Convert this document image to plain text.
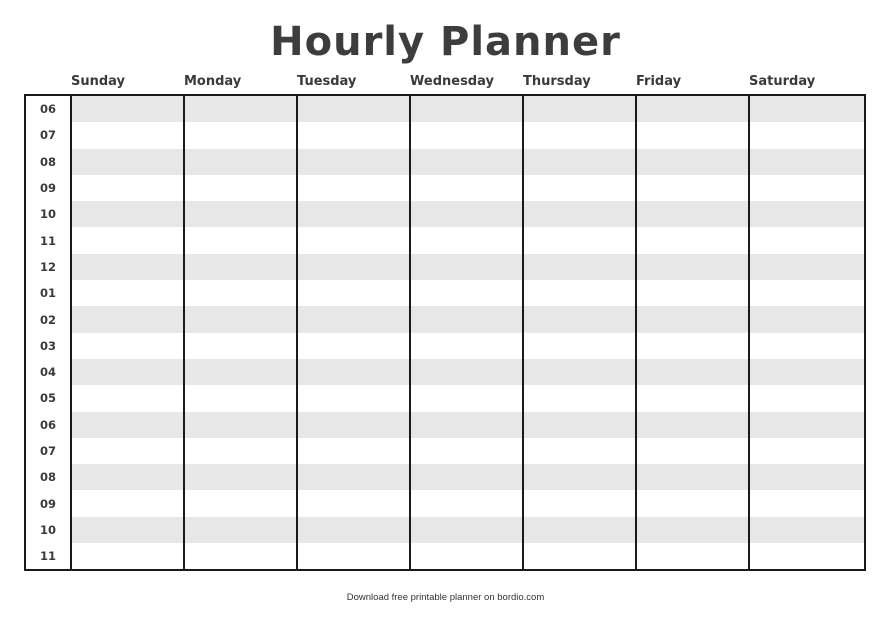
Hourly Planner
Sunday	Monday	Tuesday	Wednesday Thursday	Friday	Saturday
06
07
08
09
10
11
12
01
02
03
04
05
06
07
08
09
10
11
Download free printable planner on bordio.com
